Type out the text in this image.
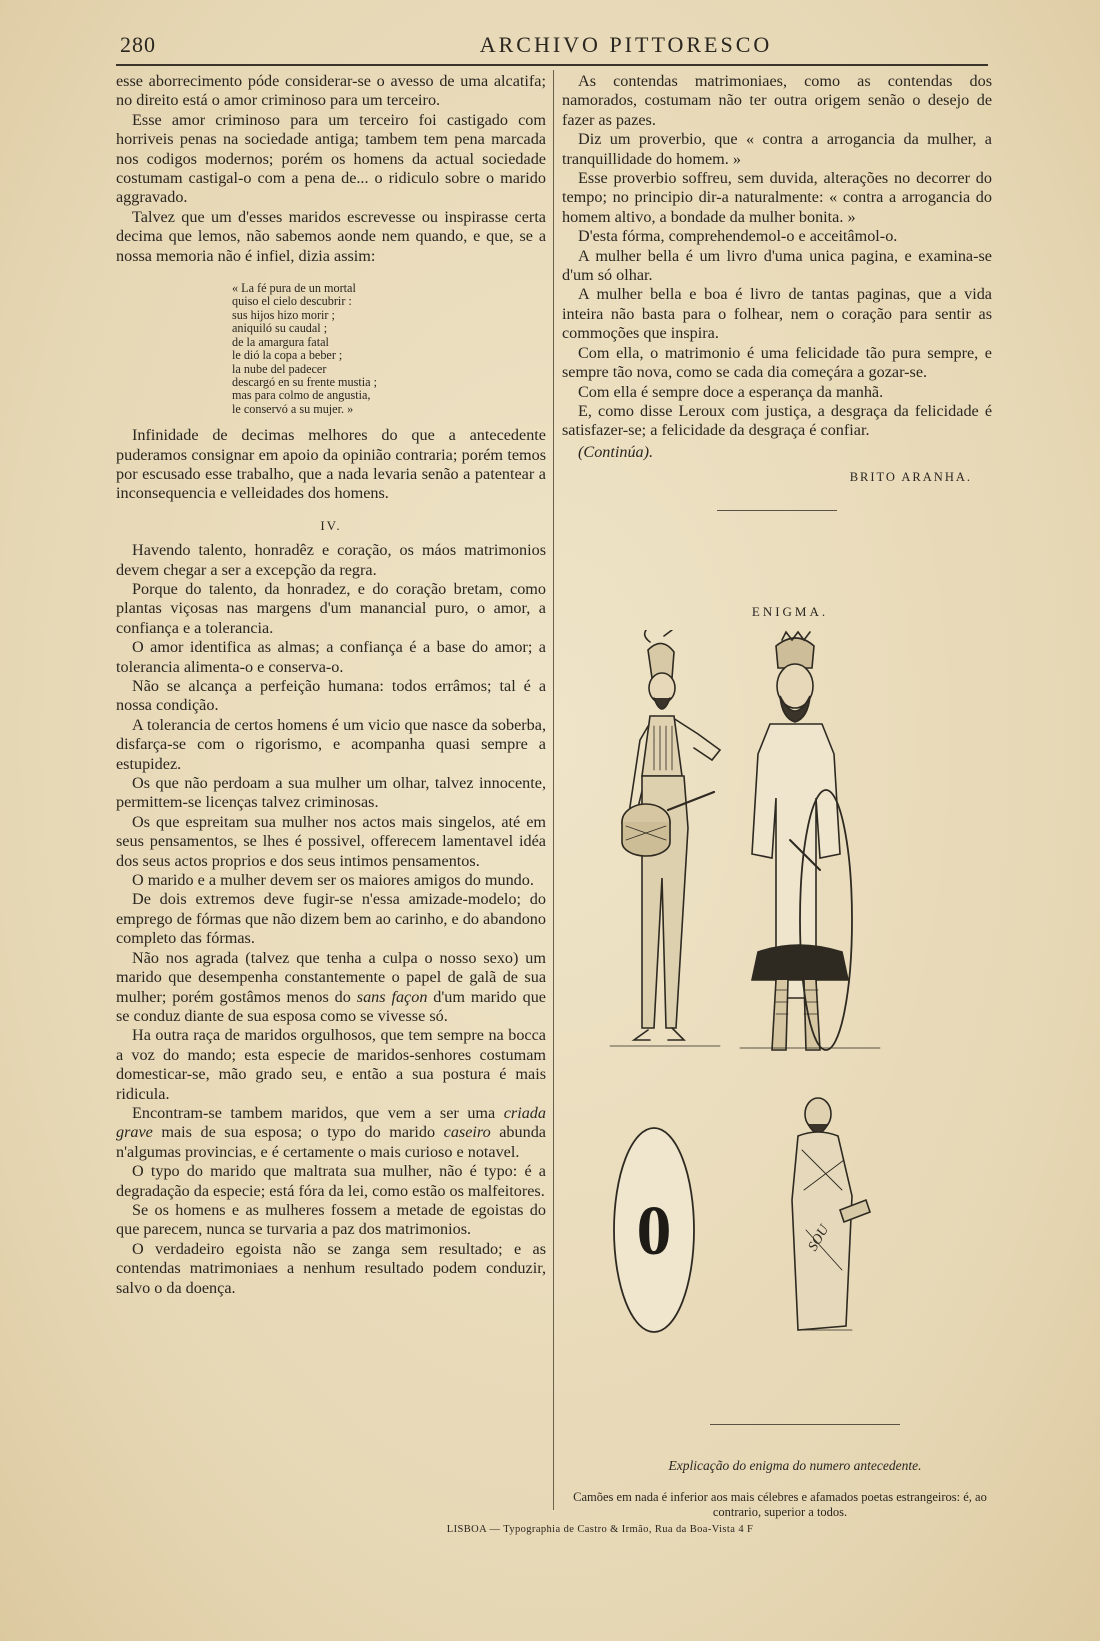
280	ARCHIVO PITTORESCO

esse aborrecimento póde considerar-se o avesso de uma alcatifa; no direito está o amor criminoso para um terceiro.

Esse amor criminoso para um terceiro foi castigado com horriveis penas na sociedade antiga; tambem tem pena marcada nos codigos modernos; porém os homens da actual sociedade costumam castigal-o com a pena de... o ridiculo sobre o marido aggravado.

Talvez que um d'esses maridos escrevesse ou inspirasse certa decima que lemos, não sabemos aonde nem quando, e que, se a nossa memoria não é infiel, dizia assim:

« La fé pura de un mortal
quiso el cielo descubrir :
sus hijos hizo morir ;
aniquiló su caudal ;
de la amargura fatal
le dió la copa a beber ;
la nube del padecer
descargó en su frente mustia ;
mas para colmo de angustia,
le conservó a su mujer. »

Infinidade de decimas melhores do que a antecedente puderamos consignar em apoio da opinião contraria; porém temos por escusado esse trabalho, que a nada levaria senão a patentear a inconsequencia e velleidades dos homens.

IV.

Havendo talento, honradêz e coração, os máos matrimonios devem chegar a ser a excepção da regra.

Porque do talento, da honradez, e do coração bretam, como plantas viçosas nas margens d'um manancial puro, o amor, a confiança e a tolerancia.

O amor identifica as almas; a confiança é a base do amor; a tolerancia alimenta-o e conserva-o.

Não se alcança a perfeição humana: todos errâmos; tal é a nossa condição.

A tolerancia de certos homens é um vicio que nasce da soberba, disfarça-se com o rigorismo, e acompanha quasi sempre a estupidez.

Os que não perdoam a sua mulher um olhar, talvez innocente, permittem-se licenças talvez criminosas.

Os que espreitam sua mulher nos actos mais singelos, até em seus pensamentos, se lhes é possivel, offerecem lamentavel idéa dos seus actos proprios e dos seus intimos pensamentos.

O marido e a mulher devem ser os maiores amigos do mundo.

De dois extremos deve fugir-se n'essa amizade-modelo; do emprego de fórmas que não dizem bem ao carinho, e do abandono completo das fórmas.

Não nos agrada (talvez que tenha a culpa o nosso sexo) um marido que desempenha constantemente o papel de galã de sua mulher; porém gostâmos menos do sans façon d'um marido que se conduz diante de sua esposa como se vivesse só.

Ha outra raça de maridos orgulhosos, que tem sempre na bocca a voz do mando; esta especie de maridos-senhores costumam domesticar-se, mão grado seu, e então a sua postura é mais ridicula.

Encontram-se tambem maridos, que vem a ser uma criada grave mais de sua esposa; o typo do marido caseiro abunda n'algumas provincias, e é certamente o mais curioso e notavel.

O typo do marido que maltrata sua mulher, não é typo: é a degradação da especie; está fóra da lei, como estão os malfeitores.

Se os homens e as mulheres fossem a metade de egoistas do que parecem, nunca se turvaria a paz dos matrimonios.

O verdadeiro egoista não se zanga sem resultado; e as contendas matrimoniaes a nenhum resultado podem conduzir, salvo o da doença.

As contendas matrimoniaes, como as contendas dos namorados, costumam não ter outra origem senão o desejo de fazer as pazes.

Diz um proverbio, que « contra a arrogancia da mulher, a tranquillidade do homem. »

Esse proverbio soffreu, sem duvida, alterações no decorrer do tempo; no principio dir-a naturalmente: « contra a arrogancia do homem altivo, a bondade da mulher bonita. »

D'esta fórma, comprehendemol-o e acceitâmol-o.

A mulher bella é um livro d'uma unica pagina, e examina-se d'um só olhar.

A mulher bella e boa é livro de tantas paginas, que a vida inteira não basta para o folhear, nem o coração para sentir as commoções que inspira.

Com ella, o matrimonio é uma felicidade tão pura sempre, e sempre tão nova, como se cada dia começára a gozar-se.

Com ella é sempre doce a esperança da manhã.

E, como disse Leroux com justiça, a desgraça da felicidade é satisfazer-se; a felicidade da desgraça é confiar.

(Continúa).

BRITO ARANHA.
ENIGMA.
0	SOU
Explicação do enigma do numero antecedente.
Camões em nada é inferior aos mais célebres e afamados poetas estrangeiros: é, ao contrario, superior a todos.
LISBOA — Typographia de Castro & Irmão, Rua da Boa-Vista 4 F
